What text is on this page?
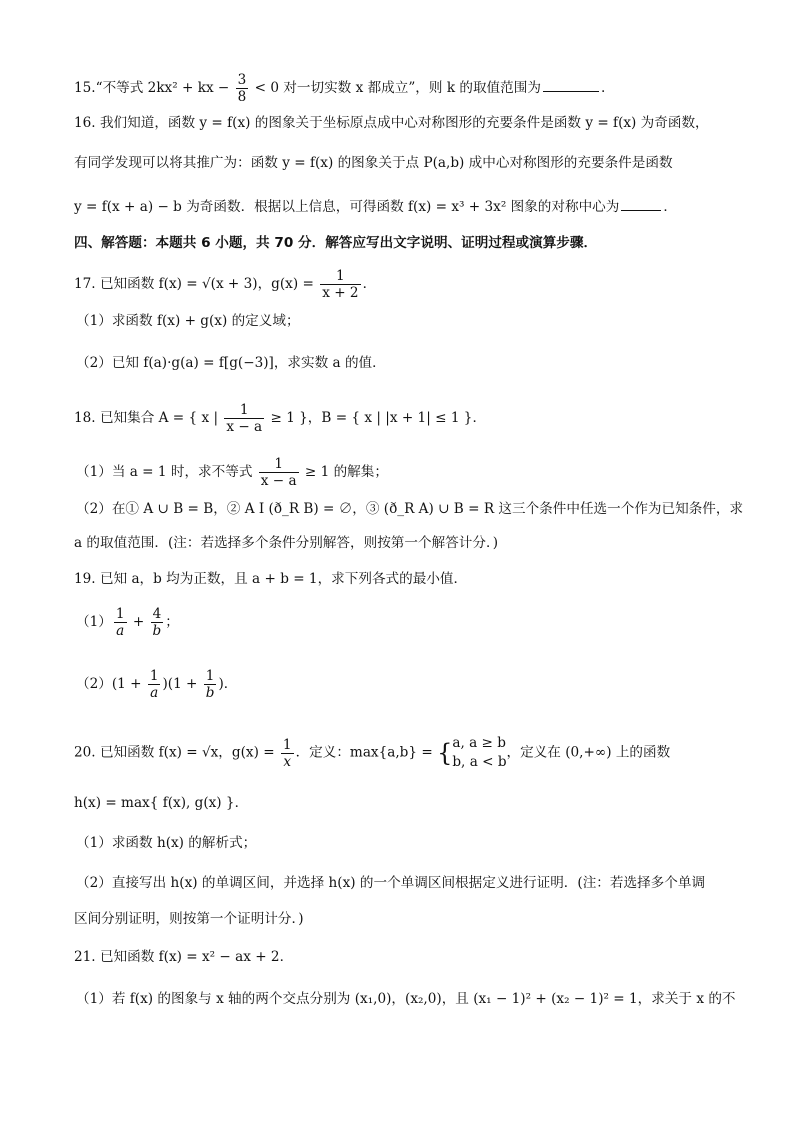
15.“不等式 2kx² + kx − $\frac{3}{8} < 0$ 对一切实数 x 都成立”，则 k 的取值范围为	.
16. 我们知道，函数 y = f(x) 的图象关于坐标原点成中心对称图形的充要条件是函数 y = f(x) 为奇函数，
有同学发现可以将其推广为：函数 y = f(x) 的图象关于点 P(a,b) 成中心对称图形的充要条件是函数
y = f(x + a) − b 为奇函数．根据以上信息，可得函数 f(x) = x³ + 3x² 图象的对称中心为	．
四、解答题：本题共 6 小题，共 70 分．解答应写出文字说明、证明过程或演算步骤．
17. 已知函数 f(x) = √(x + 3)，$g(x) = \frac{1}{x + 2}$ ．
（1）求函数 f(x) + g(x) 的定义域；
（2）已知 f(a)·g(a) = f[g(−3)]，求实数 a 的值．
18. 已知集合 A = { x | $\frac{1}{x - a} \ge 1$ }，B = { x | |x + 1| ≤ 1 }．
（1）当 a = 1 时，求不等式 $\frac{1}{x - a} \ge 1$ 的解集；
（2）在① A ∪ B = B，② A I (ð_R B) = ∅，③ (ð_R A) ∪ B = R 这三个条件中任选一个作为已知条件，求
a 的取值范围．(注：若选择多个条件分别解答，则按第一个解答计分．)
19. 已知 a，b 均为正数，且 a + b = 1，求下列各式的最小值．
$(1) \frac{1}{a} + \frac{4}{b}$ ；
$(2)(1 + \frac{1}{a} )(1 + \frac{1}{b}$ )．
20. 已知函数 f(x) = √x，$g(x) = \frac{1}{x}$ ．定义：max{a,b} = { a, a ≥ b
b, a < b
，定义在 (0,+∞) 上的函数
h(x) = max{ f(x), g(x) }．
（1）求函数 h(x) 的解析式；
（2）直接写出 h(x) 的单调区间，并选择 h(x) 的一个单调区间根据定义进行证明．(注：若选择多个单调
区间分别证明，则按第一个证明计分．)
21. 已知函数 f(x) = x² − ax + 2．
（1）若 f(x) 的图象与 x 轴的两个交点分别为 (x₁,0)，(x₂,0)，且 (x₁ − 1)² + (x₂ − 1)² = 1，求关于 x 的不
